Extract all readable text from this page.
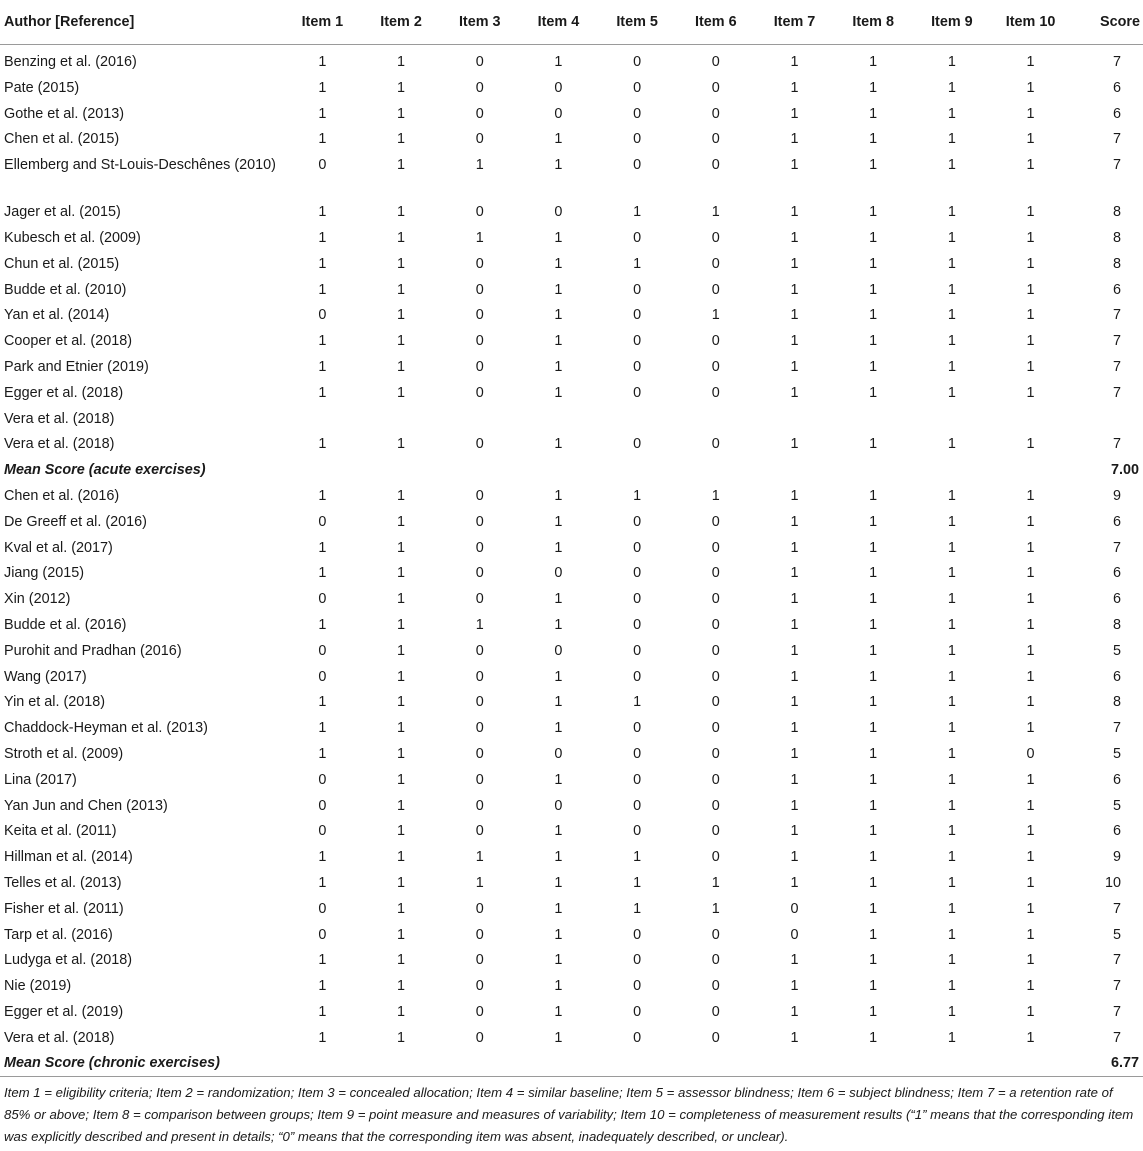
Author [Reference]	Item 1	Item 2	Item 3	Item 4	Item 5	Item 6	Item 7	Item 8	Item 9	Item 10	Score
Benzing et al. (2016)	1	1	0	1	0	0	1	1	1	1	7
Pate (2015)	1	1	0	0	0	0	1	1	1	1	6
Gothe et al. (2013)	1	1	0	0	0	0	1	1	1	1	6
Chen et al. (2015)	1	1	0	1	0	0	1	1	1	1	7
Ellemberg and St-Louis-Deschênes (2010)	0	1	1	1	0	0	1	1	1	1	7
Jager et al. (2015)	1	1	0	0	1	1	1	1	1	1	8
Kubesch et al. (2009)	1	1	1	1	0	0	1	1	1	1	8
Chun et al. (2015)	1	1	0	1	1	0	1	1	1	1	8
Budde et al. (2010)	1	1	0	1	0	0	1	1	1	1	6
Yan et al. (2014)	0	1	0	1	0	1	1	1	1	1	7
Cooper et al. (2018)	1	1	0	1	0	0	1	1	1	1	7
Park and Etnier (2019)	1	1	0	1	0	0	1	1	1	1	7
Egger et al. (2018)	1	1	0	1	0	0	1	1	1	1	7
Vera et al. (2018)											
Vera et al. (2018)	1	1	0	1	0	0	1	1	1	1	7
Mean Score (acute exercises)											7.00
Chen et al. (2016)	1	1	0	1	1	1	1	1	1	1	9
De Greeff et al. (2016)	0	1	0	1	0	0	1	1	1	1	6
Kval et al. (2017)	1	1	0	1	0	0	1	1	1	1	7
Jiang (2015)	1	1	0	0	0	0	1	1	1	1	6
Xin (2012)	0	1	0	1	0	0	1	1	1	1	6
Budde et al. (2016)	1	1	1	1	0	0	1	1	1	1	8
Purohit and Pradhan (2016)	0	1	0	0	0	0	1	1	1	1	5
Wang (2017)	0	1	0	1	0	0	1	1	1	1	6
Yin et al. (2018)	1	1	0	1	1	0	1	1	1	1	8
Chaddock-Heyman et al. (2013)	1	1	0	1	0	0	1	1	1	1	7
Stroth et al. (2009)	1	1	0	0	0	0	1	1	1	0	5
Lina (2017)	0	1	0	1	0	0	1	1	1	1	6
Yan Jun and Chen (2013)	0	1	0	0	0	0	1	1	1	1	5
Keita et al. (2011)	0	1	0	1	0	0	1	1	1	1	6
Hillman et al. (2014)	1	1	1	1	1	0	1	1	1	1	9
Telles et al. (2013)	1	1	1	1	1	1	1	1	1	1	10
Fisher et al. (2011)	0	1	0	1	1	1	0	1	1	1	7
Tarp et al. (2016)	0	1	0	1	0	0	0	1	1	1	5
Ludyga et al. (2018)	1	1	0	1	0	0	1	1	1	1	7
Nie (2019)	1	1	0	1	0	0	1	1	1	1	7
Egger et al. (2019)	1	1	0	1	0	0	1	1	1	1	7
Vera et al. (2018)	1	1	0	1	0	0	1	1	1	1	7
Mean Score (chronic exercises)											6.77
Item 1 = eligibility criteria; Item 2 = randomization; Item 3 = concealed allocation; Item 4 = similar baseline; Item 5 = assessor blindness; Item 6 = subject blindness; Item 7 = a retention rate of 85% or above; Item 8 = comparison between groups; Item 9 = point measure and measures of variability; Item 10 = completeness of measurement results (“1” means that the corresponding item was explicitly described and present in details; “0” means that the corresponding item was absent, inadequately described, or unclear).
